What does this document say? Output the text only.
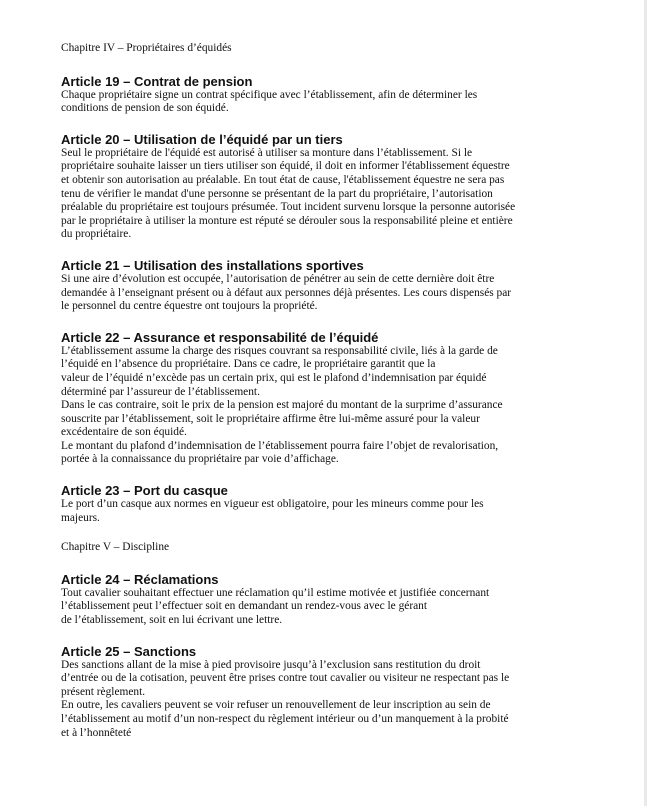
Chapitre IV – Propriétaires d’équidés

Article 19 – Contrat de pension

Chaque propriétaire signe un contrat spécifique avec l’établissement, afin de déterminer les
conditions de pension de son équidé.

Article 20 – Utilisation de l’équidé par un tiers

Seul le propriétaire de l'équidé est autorisé à utiliser sa monture dans l’établissement. Si le
propriétaire souhaite laisser un tiers utiliser son équidé, il doit en informer l'établissement équestre
et obtenir son autorisation au préalable. En tout état de cause, l'établissement équestre ne sera pas
tenu de vérifier le mandat d'une personne se présentant de la part du propriétaire, l’autorisation
préalable du propriétaire est toujours présumée. Tout incident survenu lorsque la personne autorisée
par le propriétaire à utiliser la monture est réputé se dérouler sous la responsabilité pleine et entière
du propriétaire.

Article 21 – Utilisation des installations sportives

Si une aire d’évolution est occupée, l’autorisation de pénétrer au sein de cette dernière doit être
demandée à l’enseignant présent ou à défaut aux personnes déjà présentes. Les cours dispensés par
le personnel du centre équestre ont toujours la propriété.

Article 22 – Assurance et responsabilité de l’équidé

L’établissement assume la charge des risques couvrant sa responsabilité civile, liés à la garde de
l’équidé en l’absence du propriétaire. Dans ce cadre, le propriétaire garantit que la
valeur de l’équidé n’excède pas un certain prix, qui est le plafond d’indemnisation par équidé
déterminé par l’assureur de l’établissement.
Dans le cas contraire, soit le prix de la pension est majoré du montant de la surprime d’assurance
souscrite par l’établissement, soit le propriétaire affirme être lui-même assuré pour la valeur
excédentaire de son équidé.
Le montant du plafond d’indemnisation de l’établissement pourra faire l’objet de revalorisation,
portée à la connaissance du propriétaire par voie d’affichage.

Article 23 – Port du casque

Le port d’un casque aux normes en vigueur est obligatoire, pour les mineurs comme pour les
majeurs.

Chapitre V – Discipline

Article 24 – Réclamations

Tout cavalier souhaitant effectuer une réclamation qu’il estime motivée et justifiée concernant
l’établissement peut l’effectuer soit en demandant un rendez-vous avec le gérant
de l’établissement, soit en lui écrivant une lettre.

Article 25 – Sanctions

Des sanctions allant de la mise à pied provisoire jusqu’à l’exclusion sans restitution du droit
d’entrée ou de la cotisation, peuvent être prises contre tout cavalier ou visiteur ne respectant pas le
présent règlement.
En outre, les cavaliers peuvent se voir refuser un renouvellement de leur inscription au sein de
l’établissement au motif d’un non-respect du règlement intérieur ou d’un manquement à la probité
et à l’honnêteté
